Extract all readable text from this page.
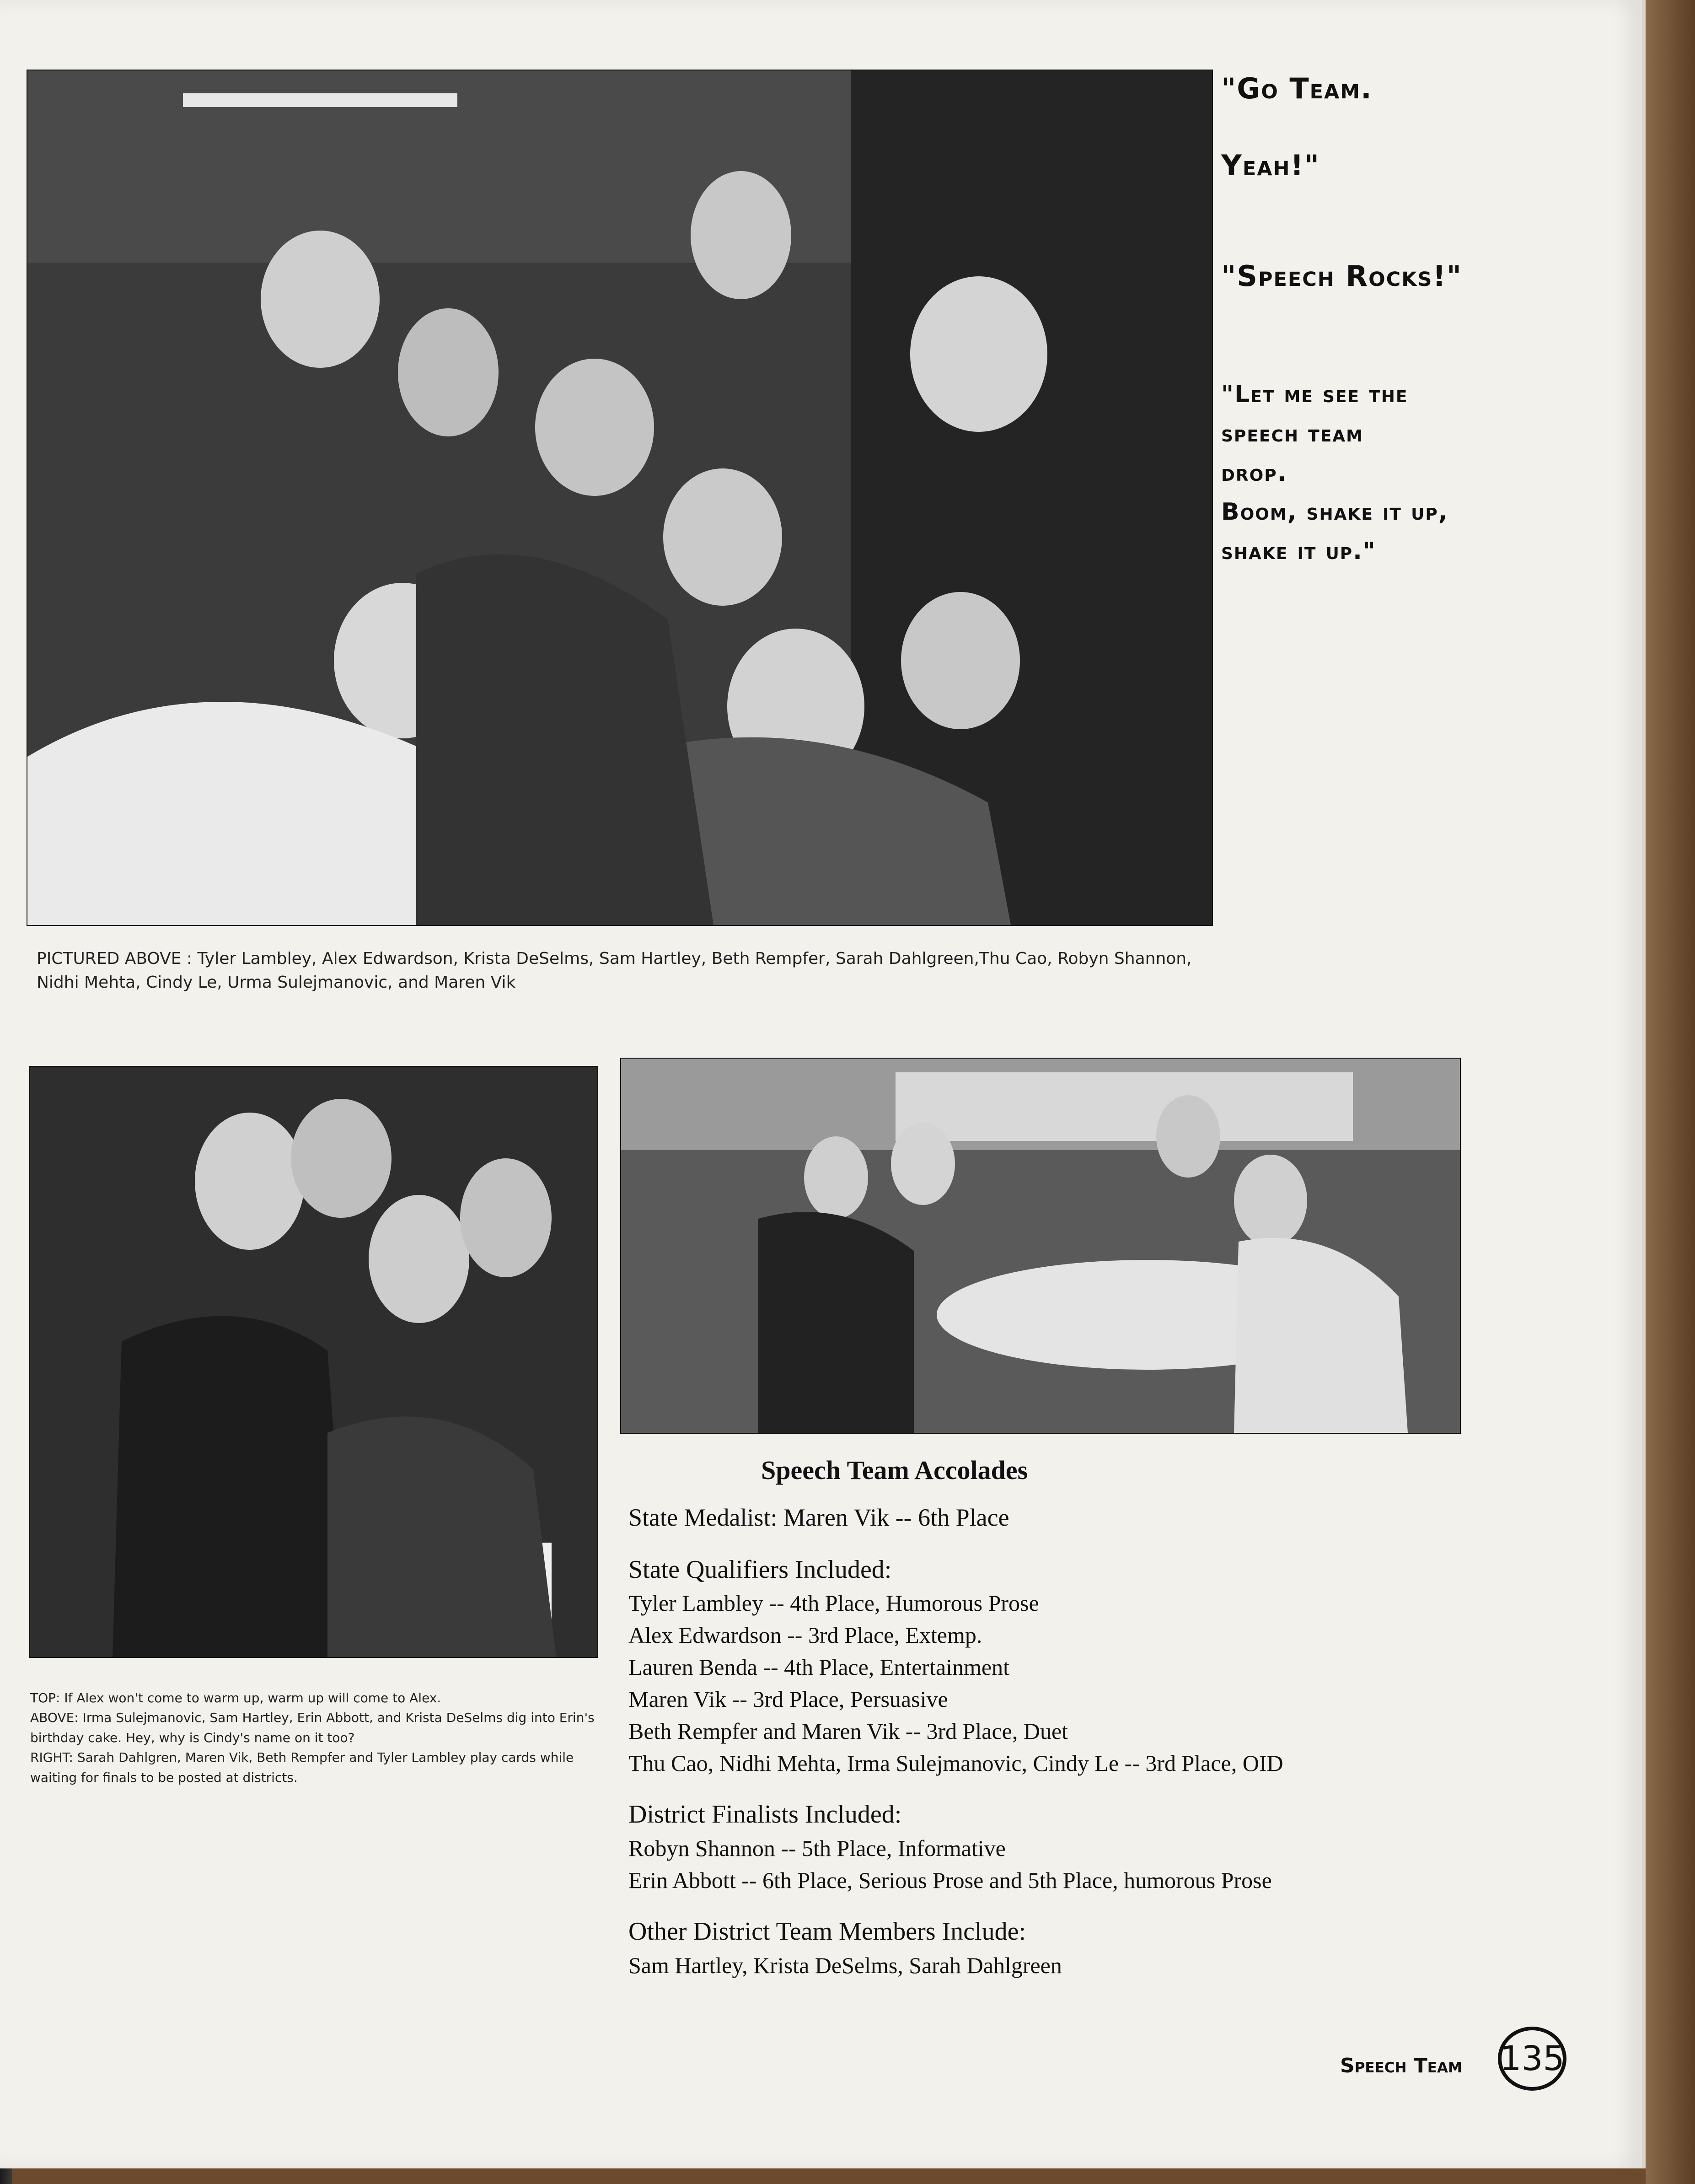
"Go Team.

Yeah!"

"Speech Rocks!"

"Let me see the
speech team
drop.
Boom, shake it up,
shake it up."

PICTURED ABOVE : Tyler Lambley, Alex Edwardson, Krista DeSelms, Sam Hartley, Beth Rempfer, Sarah Dahlgreen,Thu Cao, Robyn Shannon, Nidhi Mehta, Cindy Le, Urma Sulejmanovic, and Maren Vik

TOP: If Alex won't come to warm up, warm up will come to Alex.

ABOVE: Irma Sulejmanovic, Sam Hartley, Erin Abbott, and Krista DeSelms dig into Erin's birthday cake. Hey, why is Cindy's name on it too?

RIGHT: Sarah Dahlgren, Maren Vik, Beth Rempfer and Tyler Lambley play cards while waiting for finals to be posted at districts.

Speech Team Accolades

State Medalist: Maren Vik -- 6th Place

State Qualifiers Included:

Tyler Lambley -- 4th Place, Humorous Prose

Alex Edwardson -- 3rd Place, Extemp.

Lauren Benda -- 4th Place, Entertainment

Maren Vik -- 3rd Place, Persuasive

Beth Rempfer and Maren Vik -- 3rd Place, Duet

Thu Cao, Nidhi Mehta, Irma Sulejmanovic, Cindy Le -- 3rd Place, OID

District Finalists Included:

Robyn Shannon -- 5th Place, Informative

Erin Abbott -- 6th Place, Serious Prose and 5th Place, humorous Prose

Other District Team Members Include:

Sam Hartley, Krista DeSelms, Sarah Dahlgreen

Speech Team 135
